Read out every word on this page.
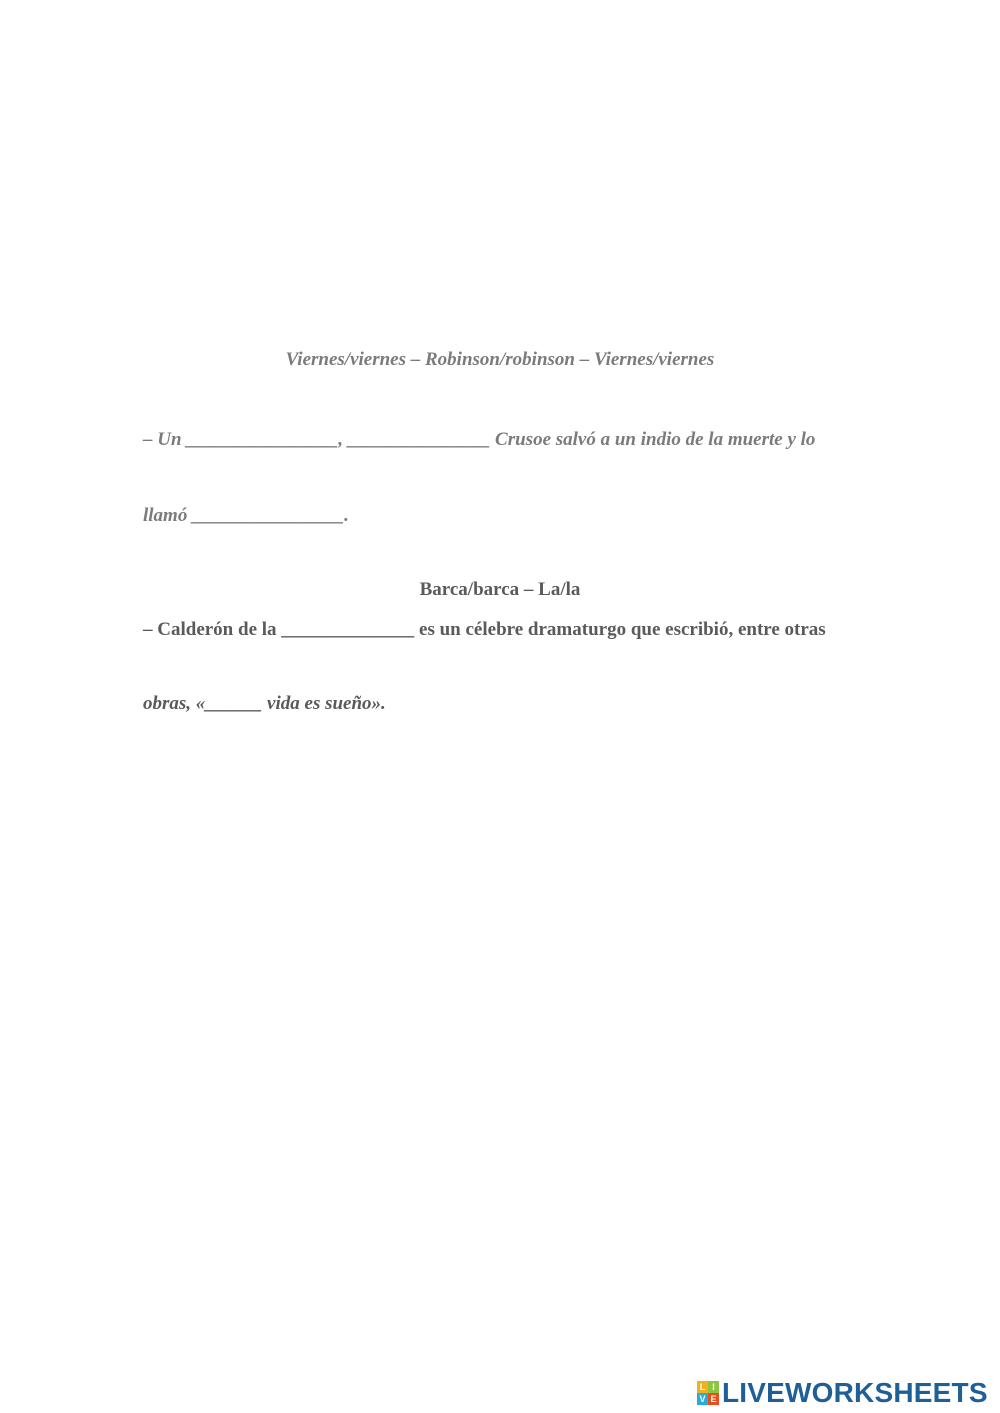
Viernes/viernes – Robinson/robinson – Viernes/viernes
– Un ________________, _______________ Crusoe salvó a un indio de la muerte y lo
llamó ________________.
Barca/barca – La/la
– Calderón de la ______________ es un célebre dramaturgo que escribió, entre otras
obras, «______ vida es sueño».
L I
V E LIVEWORKSHEETS
